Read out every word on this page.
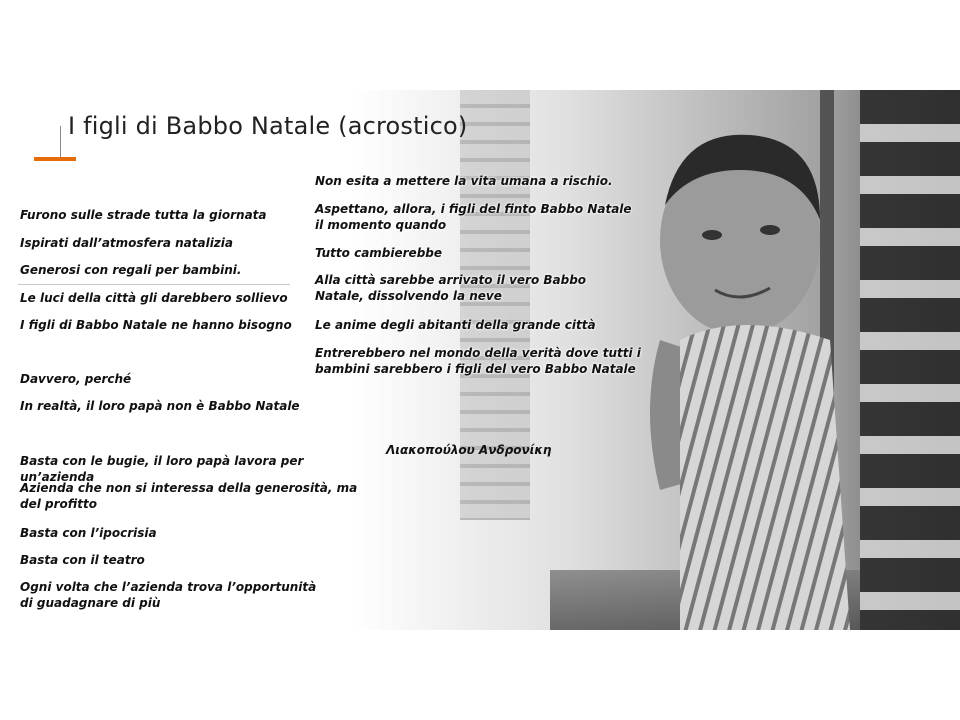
I figli di Babbo Natale (acrostico)
Furono sulle strade tutta la giornata
Ispirati dall’atmosfera natalizia
Generosi con regali per bambini.
Le luci della città gli darebbero sollievo
I figli di Babbo Natale ne hanno bisogno
Davvero, perché
In realtà, il loro papà non è Babbo Natale
Basta con le bugie, il loro papà lavora per un’azienda
Azienda che non si interessa della generosità, ma del profitto
Basta con l’ipocrisia
Basta con il teatro
Ogni volta che l’azienda trova l’opportunità di guadagnare di più
Non esita a mettere la vita umana a rischio.
Aspettano, allora, i figli del finto Babbo Natale il momento quando
Tutto cambierebbe
Alla città sarebbe arrivato il vero Babbo Natale, dissolvendo la neve
Le anime degli abitanti della grande città
Entrerebbero nel mondo della verità dove tutti i bambini sarebbero i figli del vero Babbo Natale
Λιακοπούλου Ανδρονίκη
